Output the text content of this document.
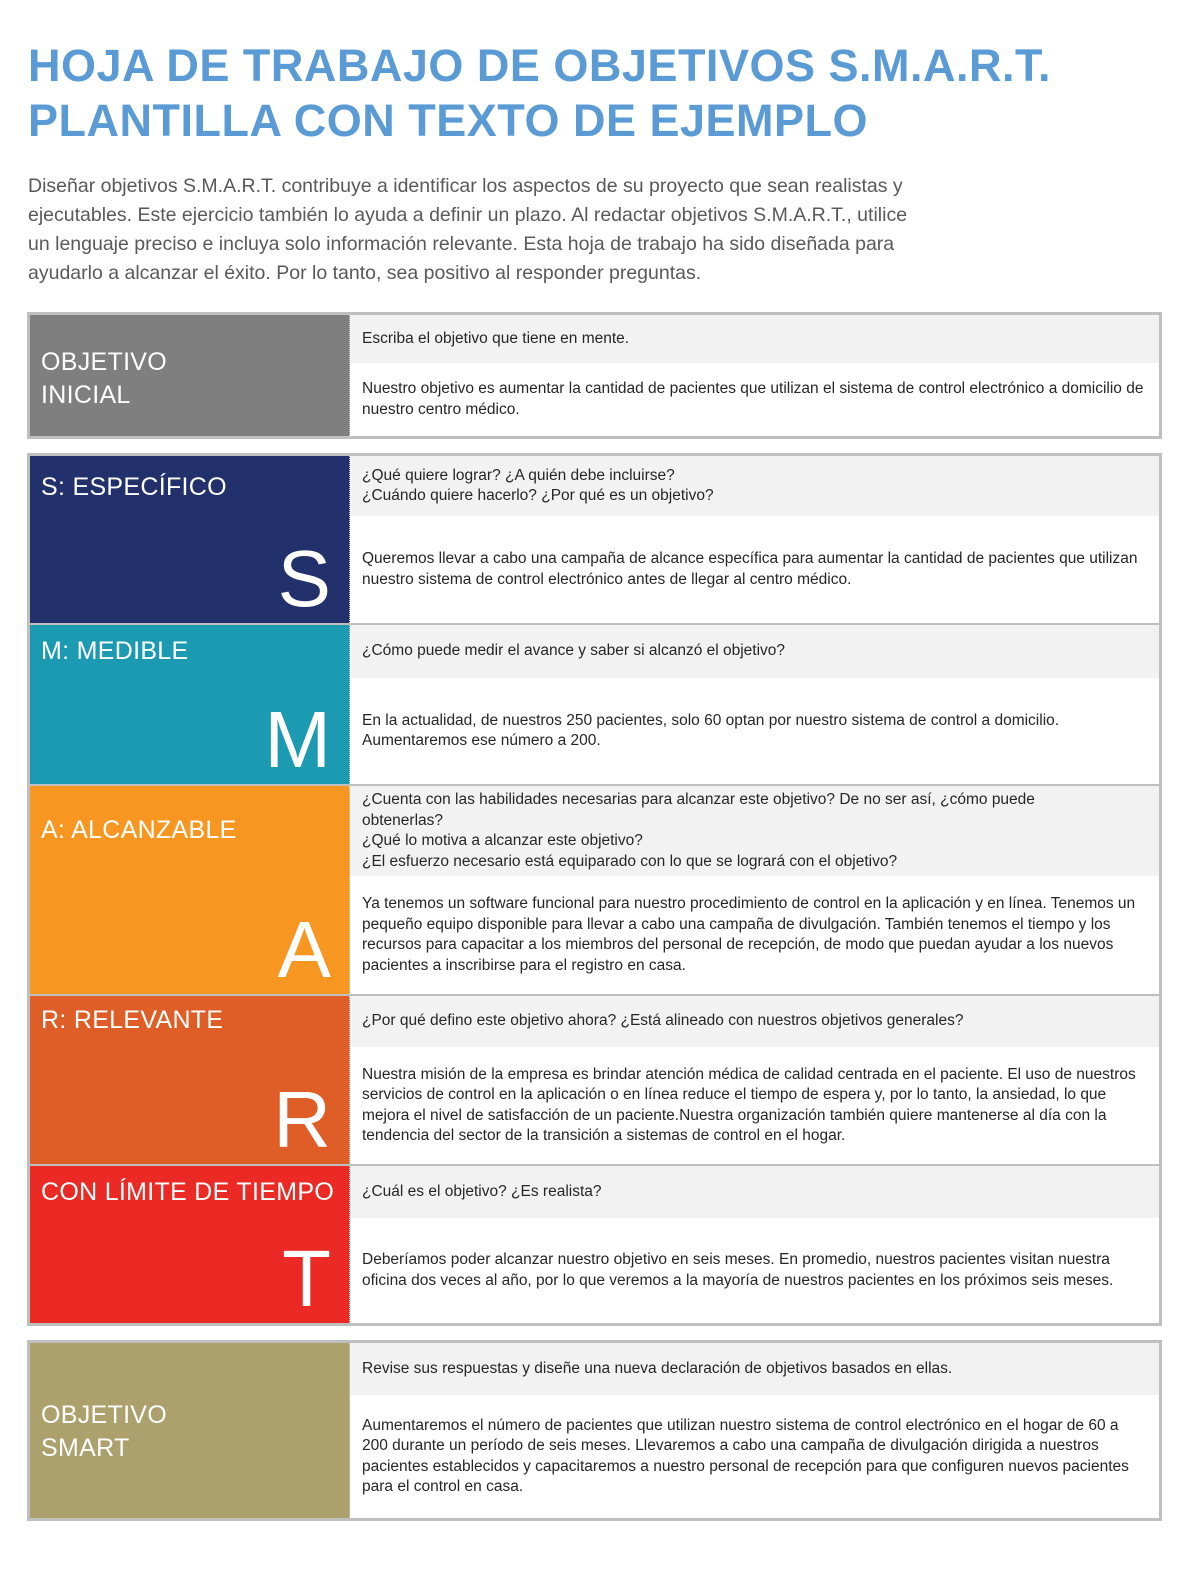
HOJA DE TRABAJO DE OBJETIVOS S.M.A.R.T.
PLANTILLA CON TEXTO DE EJEMPLO
Diseñar objetivos S.M.A.R.T. contribuye a identificar los aspectos de su proyecto que sean realistas y
ejecutables. Este ejercicio también lo ayuda a definir un plazo. Al redactar objetivos S.M.A.R.T., utilice
un lenguaje preciso e incluya solo información relevante. Esta hoja de trabajo ha sido diseñada para
ayudarlo a alcanzar el éxito. Por lo tanto, sea positivo al responder preguntas.
OBJETIVO
INICIAL
Escriba el objetivo que tiene en mente.
Nuestro objetivo es aumentar la cantidad de pacientes que utilizan el sistema de control electrónico a domicilio de nuestro centro médico.
S: ESPECÍFICO
S
¿Qué quiere lograr? ¿A quién debe incluirse?
¿Cuándo quiere hacerlo? ¿Por qué es un objetivo?
Queremos llevar a cabo una campaña de alcance específica para aumentar la cantidad de pacientes que utilizan nuestro sistema de control electrónico antes de llegar al centro médico.
M: MEDIBLE
M
¿Cómo puede medir el avance y saber si alcanzó el objetivo?
En la actualidad, de nuestros 250 pacientes, solo 60 optan por nuestro sistema de control a domicilio. Aumentaremos ese número a 200.
A: ALCANZABLE
A
¿Cuenta con las habilidades necesarias para alcanzar este objetivo? De no ser así, ¿cómo puede obtenerlas?
¿Qué lo motiva a alcanzar este objetivo?
¿El esfuerzo necesario está equiparado con lo que se logrará con el objetivo?
Ya tenemos un software funcional para nuestro procedimiento de control en la aplicación y en línea. Tenemos un pequeño equipo disponible para llevar a cabo una campaña de divulgación. También tenemos el tiempo y los recursos para capacitar a los miembros del personal de recepción, de modo que puedan ayudar a los nuevos pacientes a inscribirse para el registro en casa.
R: RELEVANTE
R
¿Por qué defino este objetivo ahora? ¿Está alineado con nuestros objetivos generales?
Nuestra misión de la empresa es brindar atención médica de calidad centrada en el paciente. El uso de nuestros servicios de control en la aplicación o en línea reduce el tiempo de espera y, por lo tanto, la ansiedad, lo que mejora el nivel de satisfacción de un paciente.Nuestra organización también quiere mantenerse al día con la tendencia del sector de la transición a sistemas de control en el hogar.
CON LÍMITE DE TIEMPO
T
¿Cuál es el objetivo? ¿Es realista?
Deberíamos poder alcanzar nuestro objetivo en seis meses. En promedio, nuestros pacientes visitan nuestra oficina dos veces al año, por lo que veremos a la mayoría de nuestros pacientes en los próximos seis meses.
OBJETIVO
SMART
Revise sus respuestas y diseñe una nueva declaración de objetivos basados en ellas.
Aumentaremos el número de pacientes que utilizan nuestro sistema de control electrónico en el hogar de 60 a 200 durante un período de seis meses. Llevaremos a cabo una campaña de divulgación dirigida a nuestros pacientes establecidos y capacitaremos a nuestro personal de recepción para que configuren nuevos pacientes para el control en casa.
